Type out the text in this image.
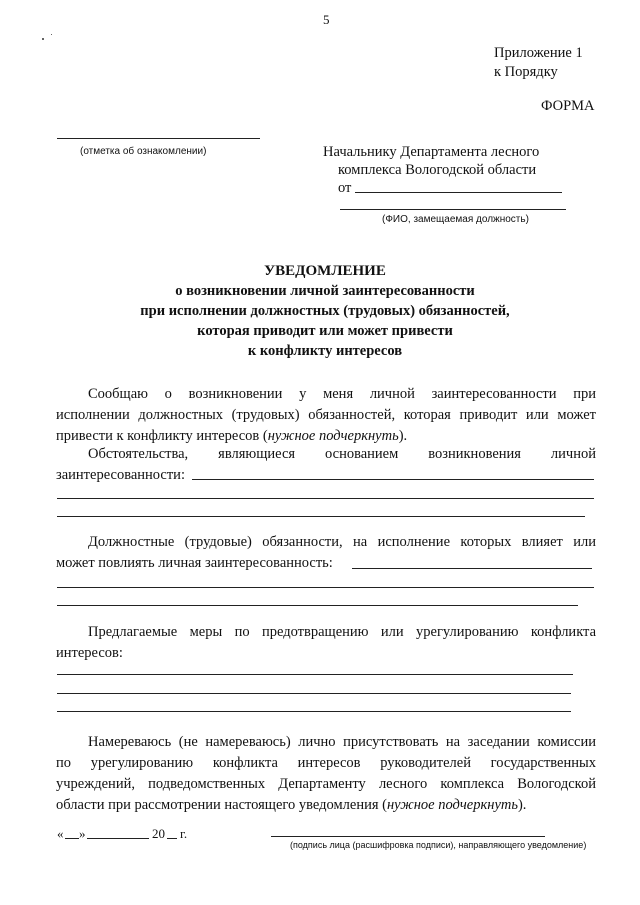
5
Приложение 1
к Порядку
ФОРМА
(отметка об ознакомлении)	Начальнику Департамента лесного
комплекса Вологодской области
от
(ФИО, замещаемая должность)
УВЕДОМЛЕНИЕ
о возникновении личной заинтересованности
при исполнении должностных (трудовых) обязанностей,
которая приводит или может привести
к конфликту интересов
Сообщаю о возникновении у меня личной заинтересованности при
исполнении должностных (трудовых) обязанностей, которая приводит или может
привести к конфликту интересов (нужное подчеркнуть).
Обстоятельства, являющиеся основанием возникновения личной
заинтересованности:
Должностные (трудовые) обязанности, на исполнение которых влияет или
может повлиять личная заинтересованность:
Предлагаемые меры по предотвращению или урегулированию конфликта
интересов:
Намереваюсь (не намереваюсь) лично присутствовать на заседании комиссии
по урегулированию конфликта интересов руководителей государственных
учреждений, подведомственных Департаменту лесного комплекса Вологодской
области при рассмотрении настоящего уведомления (нужное подчеркнуть).
« »	20 г.
(подпись лица (расшифровка подписи), направляющего уведомление)
